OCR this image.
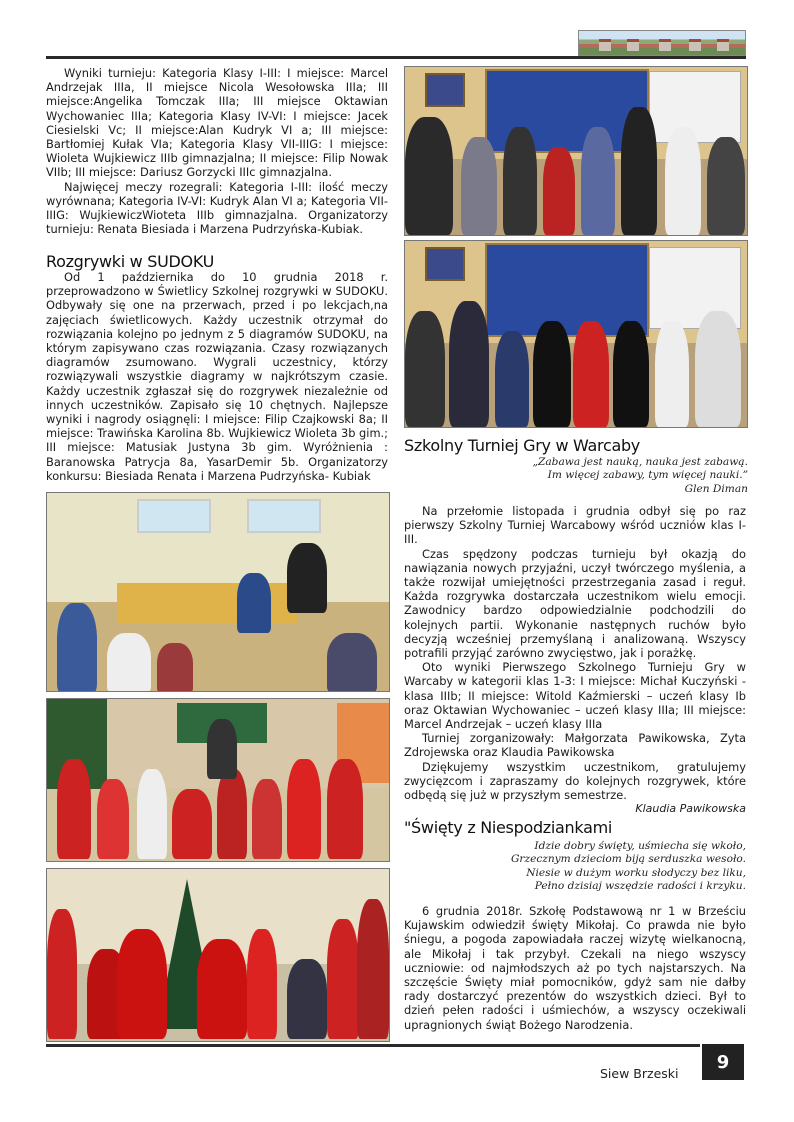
Wyniki turnieju: Kategoria Klasy I-III: I miejsce: Marcel Andrzejak IIIa, II miejsce Nicola Wesołowska IIIa; III miejsce:Angelika Tomczak IIIa; III miejsce Oktawian Wychowaniec IIIa; Kategoria Klasy IV-VI: I miejsce: Jacek Ciesielski Vc; II miejsce:Alan Kudryk VI a; III miejsce: Bartłomiej Kułak VIa; Kategoria Klasy VII-IIIG: I miejsce: Wioleta Wujkiewicz IIIb gimnazjalna; II miejsce: Filip Nowak VIIb; III miejsce: Dariusz Gorzycki IIIc gimnazjalna.

Najwięcej meczy rozegrali: Kategoria I-III: ilość meczy wyrównana; Kategoria IV-VI: Kudryk Alan VI a; Kategoria VII-IIIG: WujkiewiczWioteta IIIb gimnazjalna. Organizatorzy turnieju: Renata Biesiada i Marzena Pudrzyńska-Kubiak.

Rozgrywki w SUDOKU

Od 1 października do 10 grudnia 2018 r. przeprowadzono w Świetlicy Szkolnej rozgrywki w SUDOKU. Odbywały się one na przerwach, przed i po lekcjach,na zajęciach świetlicowych. Każdy uczestnik otrzymał do rozwiązania kolejno po jednym z 5 diagramów SUDOKU, na którym zapisywano czas rozwiązania. Czasy rozwiązanych diagramów zsumowano. Wygrali uczestnicy, którzy rozwiązywali wszystkie diagramy w najkrótszym czasie. Każdy uczestnik zgłaszał się do rozgrywek niezależnie od innych uczestników. Zapisało się 10 chętnych. Najlepsze wyniki i nagrody osiągnęli: I miejsce: Filip Czajkowski 8a; II miejsce: Trawińska Karolina 8b. Wujkiewicz Wioleta 3b gim.; III miejsce: Matusiak Justyna 3b gim. Wyróżnienia : Baranowska Patrycja 8a, YasarDemir 5b. Organizatorzy konkursu: Biesiada Renata i Marzena Pudrzyńska- Kubiak

Szkolny Turniej Gry w Warcaby
„Zabawa jest nauką, nauka jest zabawą.
Im więcej zabawy, tym więcej nauki.”
Glen Diman

Na przełomie listopada i grudnia odbył się po raz pierwszy Szkolny Turniej Warcabowy wśród uczniów klas I-III.

Czas spędzony podczas turnieju był okazją do nawiązania nowych przyjaźni, uczył twórczego myślenia, a także rozwijał umiejętności przestrzegania zasad i reguł. Każda rozgrywka dostarczała uczestnikom wielu emocji. Zawodnicy bardzo odpowiedzialnie podchodzili do kolejnych partii. Wykonanie następnych ruchów było decyzją wcześniej przemyślaną i analizowaną. Wszyscy potrafili przyjąć zarówno zwycięstwo, jak i porażkę.

Oto wyniki Pierwszego Szkolnego Turnieju Gry w Warcaby w kategorii klas 1-3: I miejsce: Michał Kuczyński - klasa IIIb; II miejsce: Witold Kaźmierski – uczeń klasy Ib oraz Oktawian Wychowaniec – uczeń klasy IIIa; III miejsce: Marcel Andrzejak – uczeń klasy IIIa

Turniej zorganizowały: Małgorzata Pawikowska, Zyta Zdrojewska oraz Klaudia Pawikowska

Dziękujemy wszystkim uczestnikom, gratulujemy zwycięzcom i zapraszamy do kolejnych rozgrywek, które odbędą się już w przyszłym semestrze.

Klaudia Pawikowska

"Święty z Niespodziankami
Idzie dobry święty, uśmiecha się wkoło,
Grzecznym dzieciom biją serduszka wesoło.
Niesie w dużym worku słodyczy bez liku,
Pełno dzisiaj wszędzie radości i krzyku.

6 grudnia 2018r. Szkołę Podstawową nr 1 w Brześciu Kujawskim odwiedził święty Mikołaj. Co prawda nie było śniegu, a pogoda zapowiadała raczej wizytę wielkanocną, ale Mikołaj i tak przybył. Czekali na niego wszyscy uczniowie: od najmłodszych aż po tych najstarszych. Na szczęście Święty miał pomocników, gdyż sam nie dałby rady dostarczyć prezentów do wszystkich dzieci. Był to dzień pełen radości i uśmiechów, a wszyscy oczekiwali upragnionych świąt Bożego Narodzenia.

Siew Brzeski
9
